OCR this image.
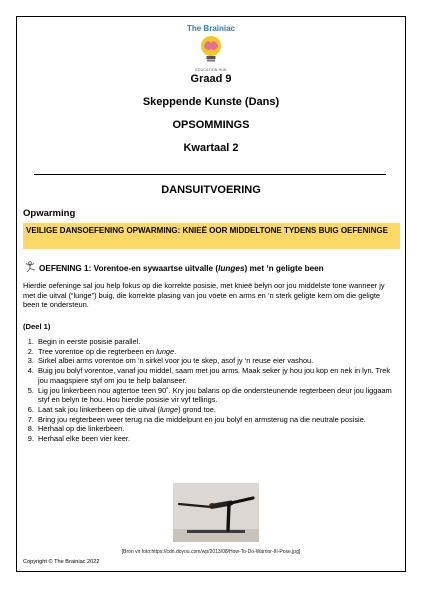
The Brainiac
EDUCATION HUB
Graad 9
Skeppende Kunste (Dans)
OPSOMMINGS
Kwartaal 2
DANSUITVOERING
Opwarming
VEILIGE DANSOEFENING OPWARMING: KNIEË OOR MIDDELTONE TYDENS BUIG OEFENINGE
OEFENING 1: Vorentoe-en sywaartse uitvalle (lunges) met ‘n geligte been
Hierdie oefeninge sal jou help fokus op die korrekte posisie, met knieë belyn oor jou middelste tone wanneer jy met die uitval (“lunge”) buig, die korrekte plasing van jou voete en arms en ‘n sterk geligte kern om die geligte been te ondersteun.
(Deel 1)
1. Begin in eerste posisie parallel.
2. Tree vorentoe op die regterbeen en lunge.
3. Sirkel albei arms vorentoe om ‘n sirkel voor jou te skep, asof jy ‘n reuse eier vashou.
4. Buig jou bolyf vorentoe, vanaf jou middel, saam met jou arms. Maak seker jy hou jou kop en nek in lyn. Trek jou maagspiere styf om jou te help balanseer.
5. Lig jou linkerbeen nou agtertoe teen 90˚. Kry jou balans op die ondersteunende regterbeen deur jou liggaam styf en belyn te hou. Hou hierdie posisie vir vyf tellings.
6. Laat sak jou linkerbeen op die uitval (lunge) grond toe.
7. Bring jou regterbeen weer terug na die middelpunt en jou bolyf en armsterug na die neutrale posisie.
8. Herhaal op die linkerbeen.
9. Herhaal elke been vier keer.
[Bron vir foto:https://cdn.doyou.com/wp/2013/08/How-To-Do-Warrior-III-Pose.jpg]
Copyright © The Brainiac 2022
